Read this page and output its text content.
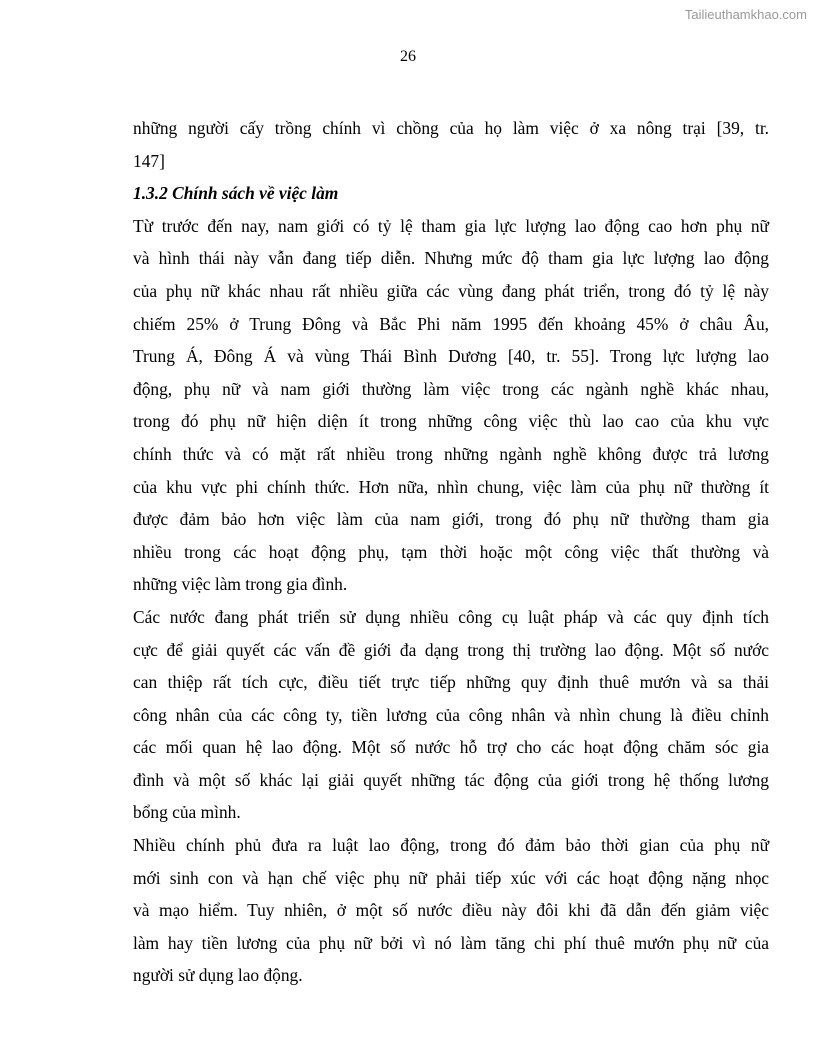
Tailieuthamkhao.com
26

những người cấy trồng chính vì chồng của họ làm việc ở xa nông trại [39, tr.
147]

1.3.2 Chính sách về việc làm

Từ trước đến nay, nam giới có tỷ lệ tham gia lực lượng lao động cao hơn phụ nữ
và hình thái này vẫn đang tiếp diễn. Nhưng mức độ tham gia lực lượng lao động
của phụ nữ khác nhau rất nhiều giữa các vùng đang phát triển, trong đó tỷ lệ này
chiếm 25% ở Trung Đông và Bắc Phi năm 1995 đến khoảng 45% ở châu Âu,
Trung Á, Đông Á và vùng Thái Bình Dương [40, tr. 55]. Trong lực lượng lao
động, phụ nữ và nam giới thường làm việc trong các ngành nghề khác nhau,
trong đó phụ nữ hiện diện ít trong những công việc thù lao cao của khu vực
chính thức và có mặt rất nhiều trong những ngành nghề không được trả lương
của khu vực phi chính thức. Hơn nữa, nhìn chung, việc làm của phụ nữ thường ít
được đảm bảo hơn việc làm của nam giới, trong đó phụ nữ thường tham gia
nhiều trong các hoạt động phụ, tạm thời hoặc một công việc thất thường và
những việc làm trong gia đình.

Các nước đang phát triển sử dụng nhiều công cụ luật pháp và các quy định tích
cực để giải quyết các vấn đề giới đa dạng trong thị trường lao động. Một số nước
can thiệp rất tích cực, điều tiết trực tiếp những quy định thuê mướn và sa thải
công nhân của các công ty, tiền lương của công nhân và nhìn chung là điều chỉnh
các mối quan hệ lao động. Một số nước hỗ trợ cho các hoạt động chăm sóc gia
đình và một số khác lại giải quyết những tác động của giới trong hệ thống lương
bổng của mình.

Nhiều chính phủ đưa ra luật lao động, trong đó đảm bảo thời gian của phụ nữ
mới sinh con và hạn chế việc phụ nữ phải tiếp xúc với các hoạt động nặng nhọc
và mạo hiểm. Tuy nhiên, ở một số nước điều này đôi khi đã dẫn đến giảm việc
làm hay tiền lương của phụ nữ bởi vì nó làm tăng chi phí thuê mướn phụ nữ của
người sử dụng lao động.
